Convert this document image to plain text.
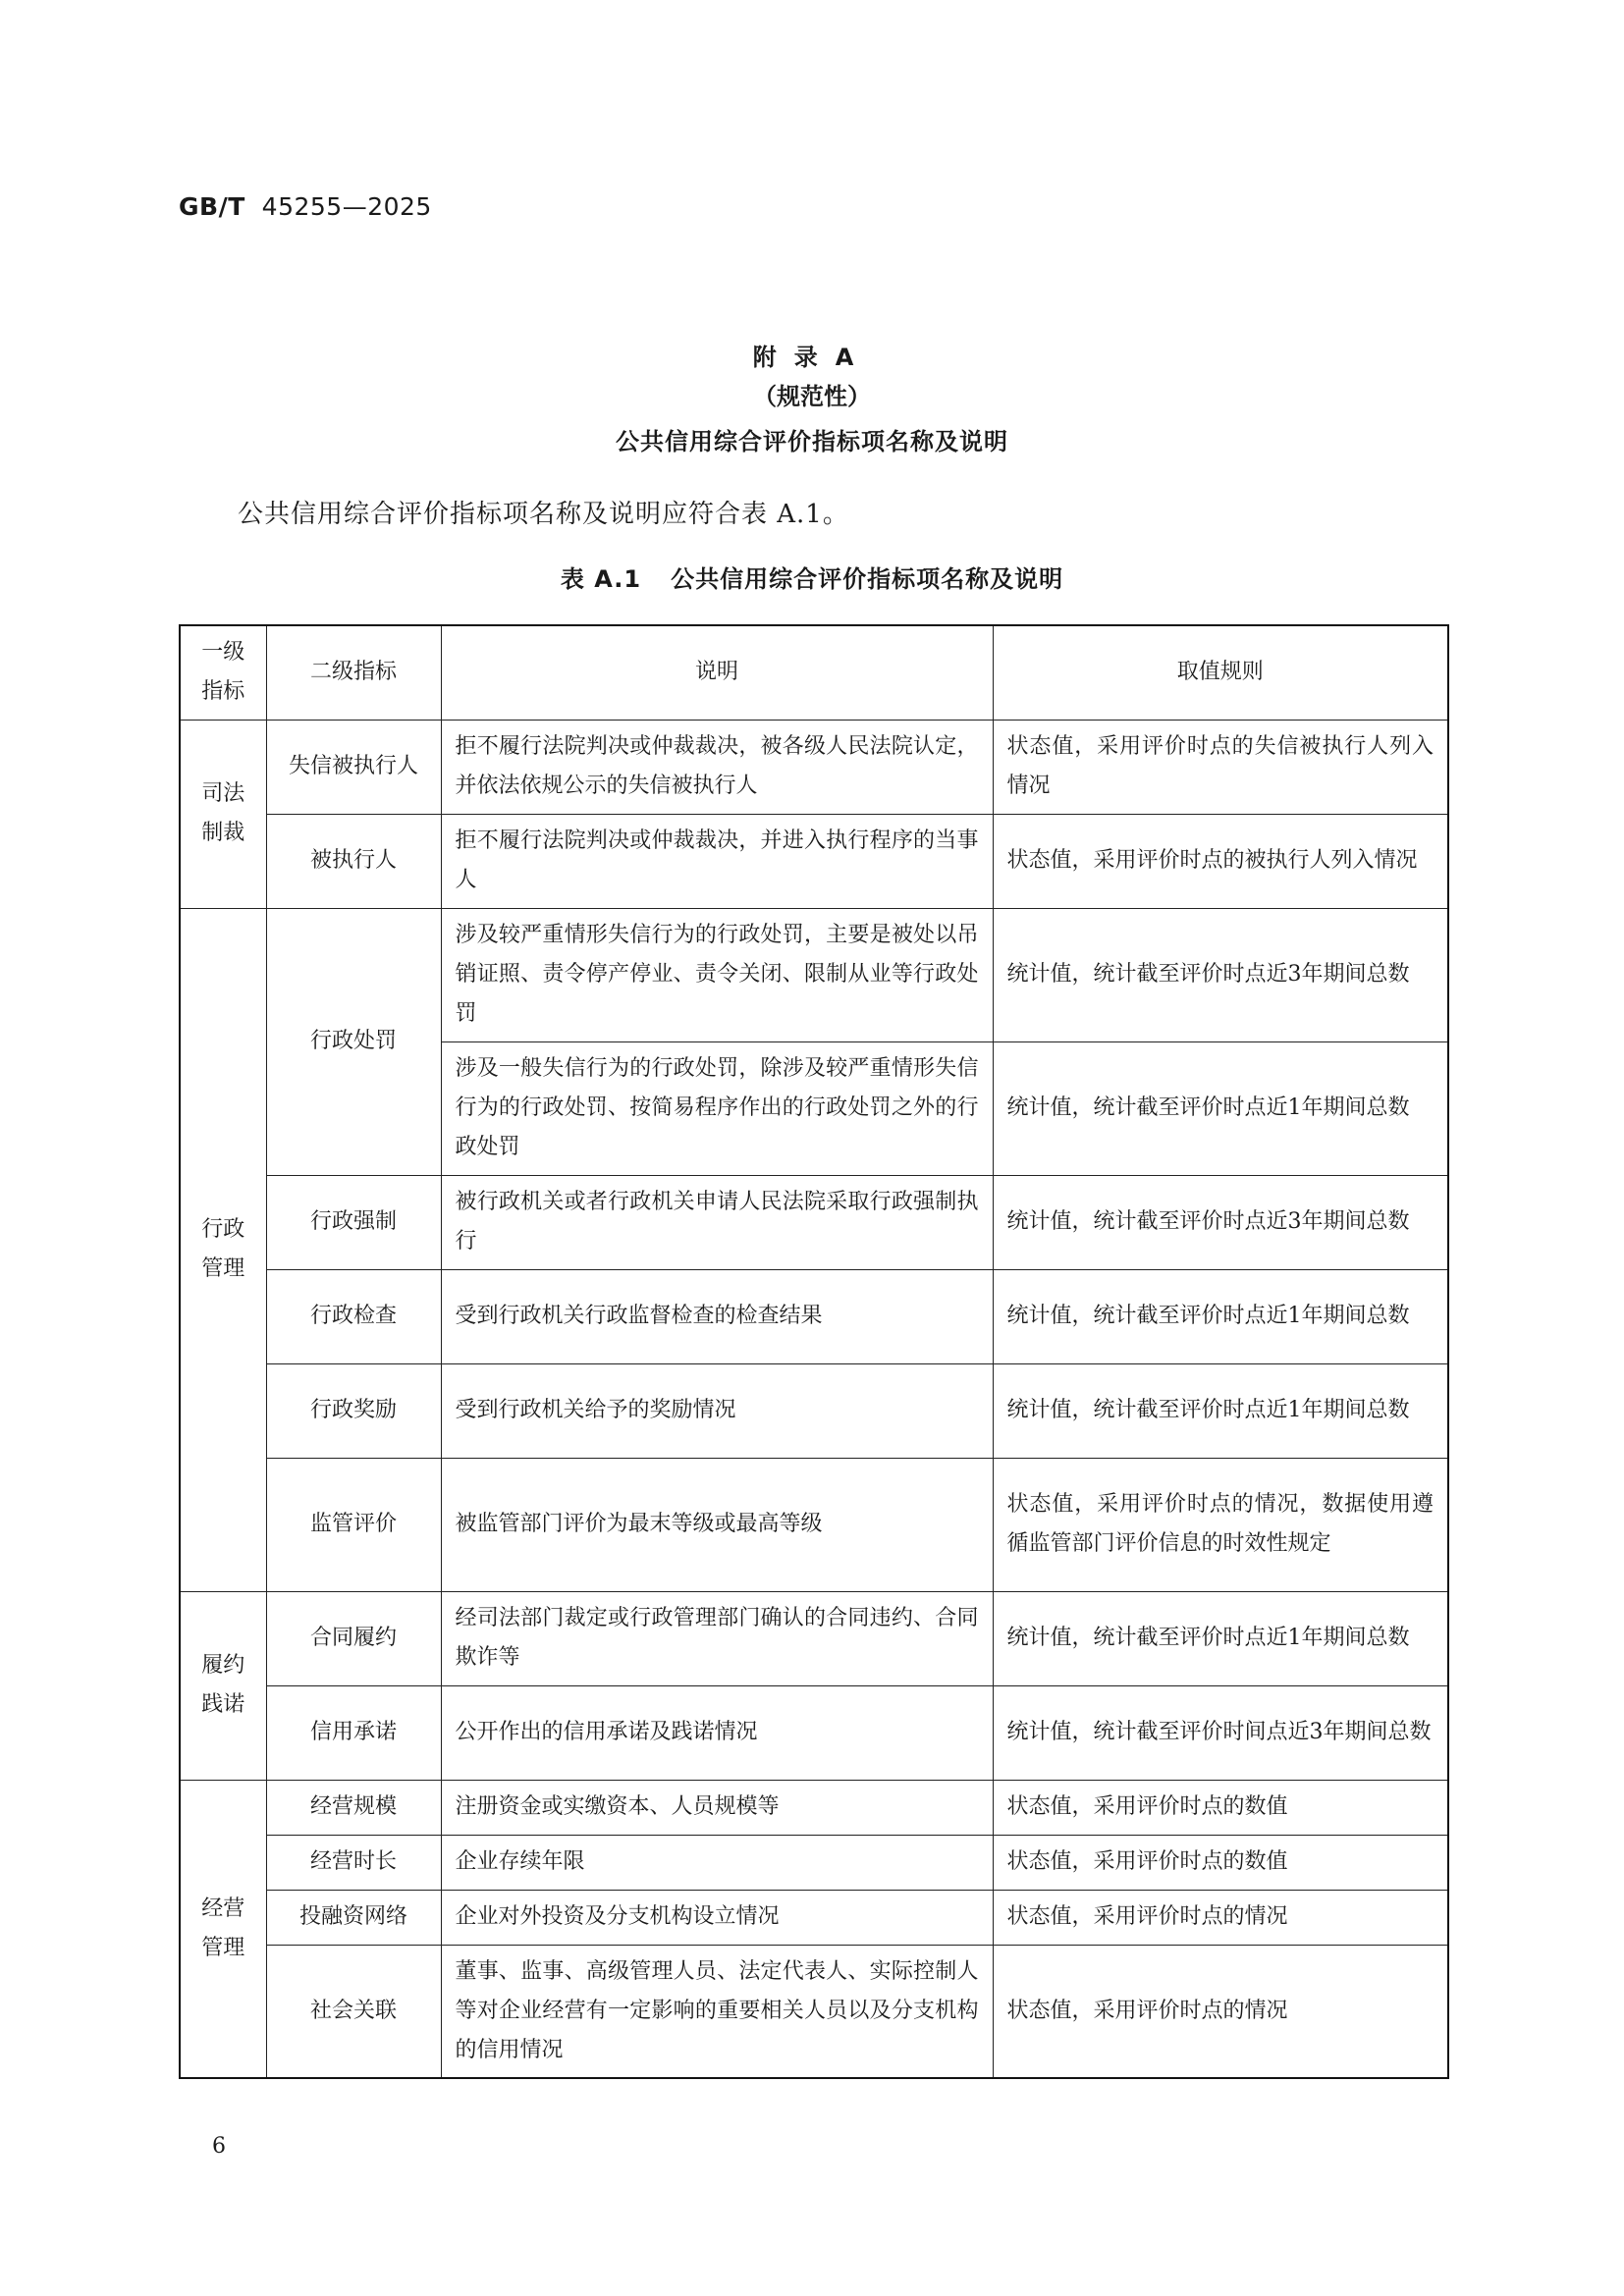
GB/T 45255—2025
附录A
（规范性）
公共信用综合评价指标项名称及说明
公共信用综合评价指标项名称及说明应符合表 A.1。
表 A.1 公共信用综合评价指标项名称及说明
一级指标	二级指标	说明	取值规则
司法制裁	失信被执行人	拒不履行法院判决或仲裁裁决，被各级人民法院认定，并依法依规公示的失信被执行人	状态值，采用评价时点的失信被执行人列入情况
	被执行人	拒不履行法院判决或仲裁裁决，并进入执行程序的当事人	状态值，采用评价时点的被执行人列入情况
行政管理	行政处罚	涉及较严重情形失信行为的行政处罚，主要是被处以吊销证照、责令停产停业、责令关闭、限制从业等行政处罚	统计值，统计截至评价时点近3年期间总数
		涉及一般失信行为的行政处罚，除涉及较严重情形失信行为的行政处罚、按简易程序作出的行政处罚之外的行政处罚	统计值，统计截至评价时点近1年期间总数
	行政强制	被行政机关或者行政机关申请人民法院采取行政强制执行	统计值，统计截至评价时点近3年期间总数
	行政检查	受到行政机关行政监督检查的检查结果	统计值，统计截至评价时点近1年期间总数
	行政奖励	受到行政机关给予的奖励情况	统计值，统计截至评价时点近1年期间总数
	监管评价	被监管部门评价为最末等级或最高等级	状态值，采用评价时点的情况，数据使用遵循监管部门评价信息的时效性规定
履约践诺	合同履约	经司法部门裁定或行政管理部门确认的合同违约、合同欺诈等	统计值，统计截至评价时点近1年期间总数
	信用承诺	公开作出的信用承诺及践诺情况	统计值，统计截至评价时间点近3年期间总数
经营管理	经营规模	注册资金或实缴资本、人员规模等	状态值，采用评价时点的数值
	经营时长	企业存续年限	状态值，采用评价时点的数值
	投融资网络	企业对外投资及分支机构设立情况	状态值，采用评价时点的情况
	社会关联	董事、监事、高级管理人员、法定代表人、实际控制人等对企业经营有一定影响的重要相关人员以及分支机构的信用情况	状态值，采用评价时点的情况
6
